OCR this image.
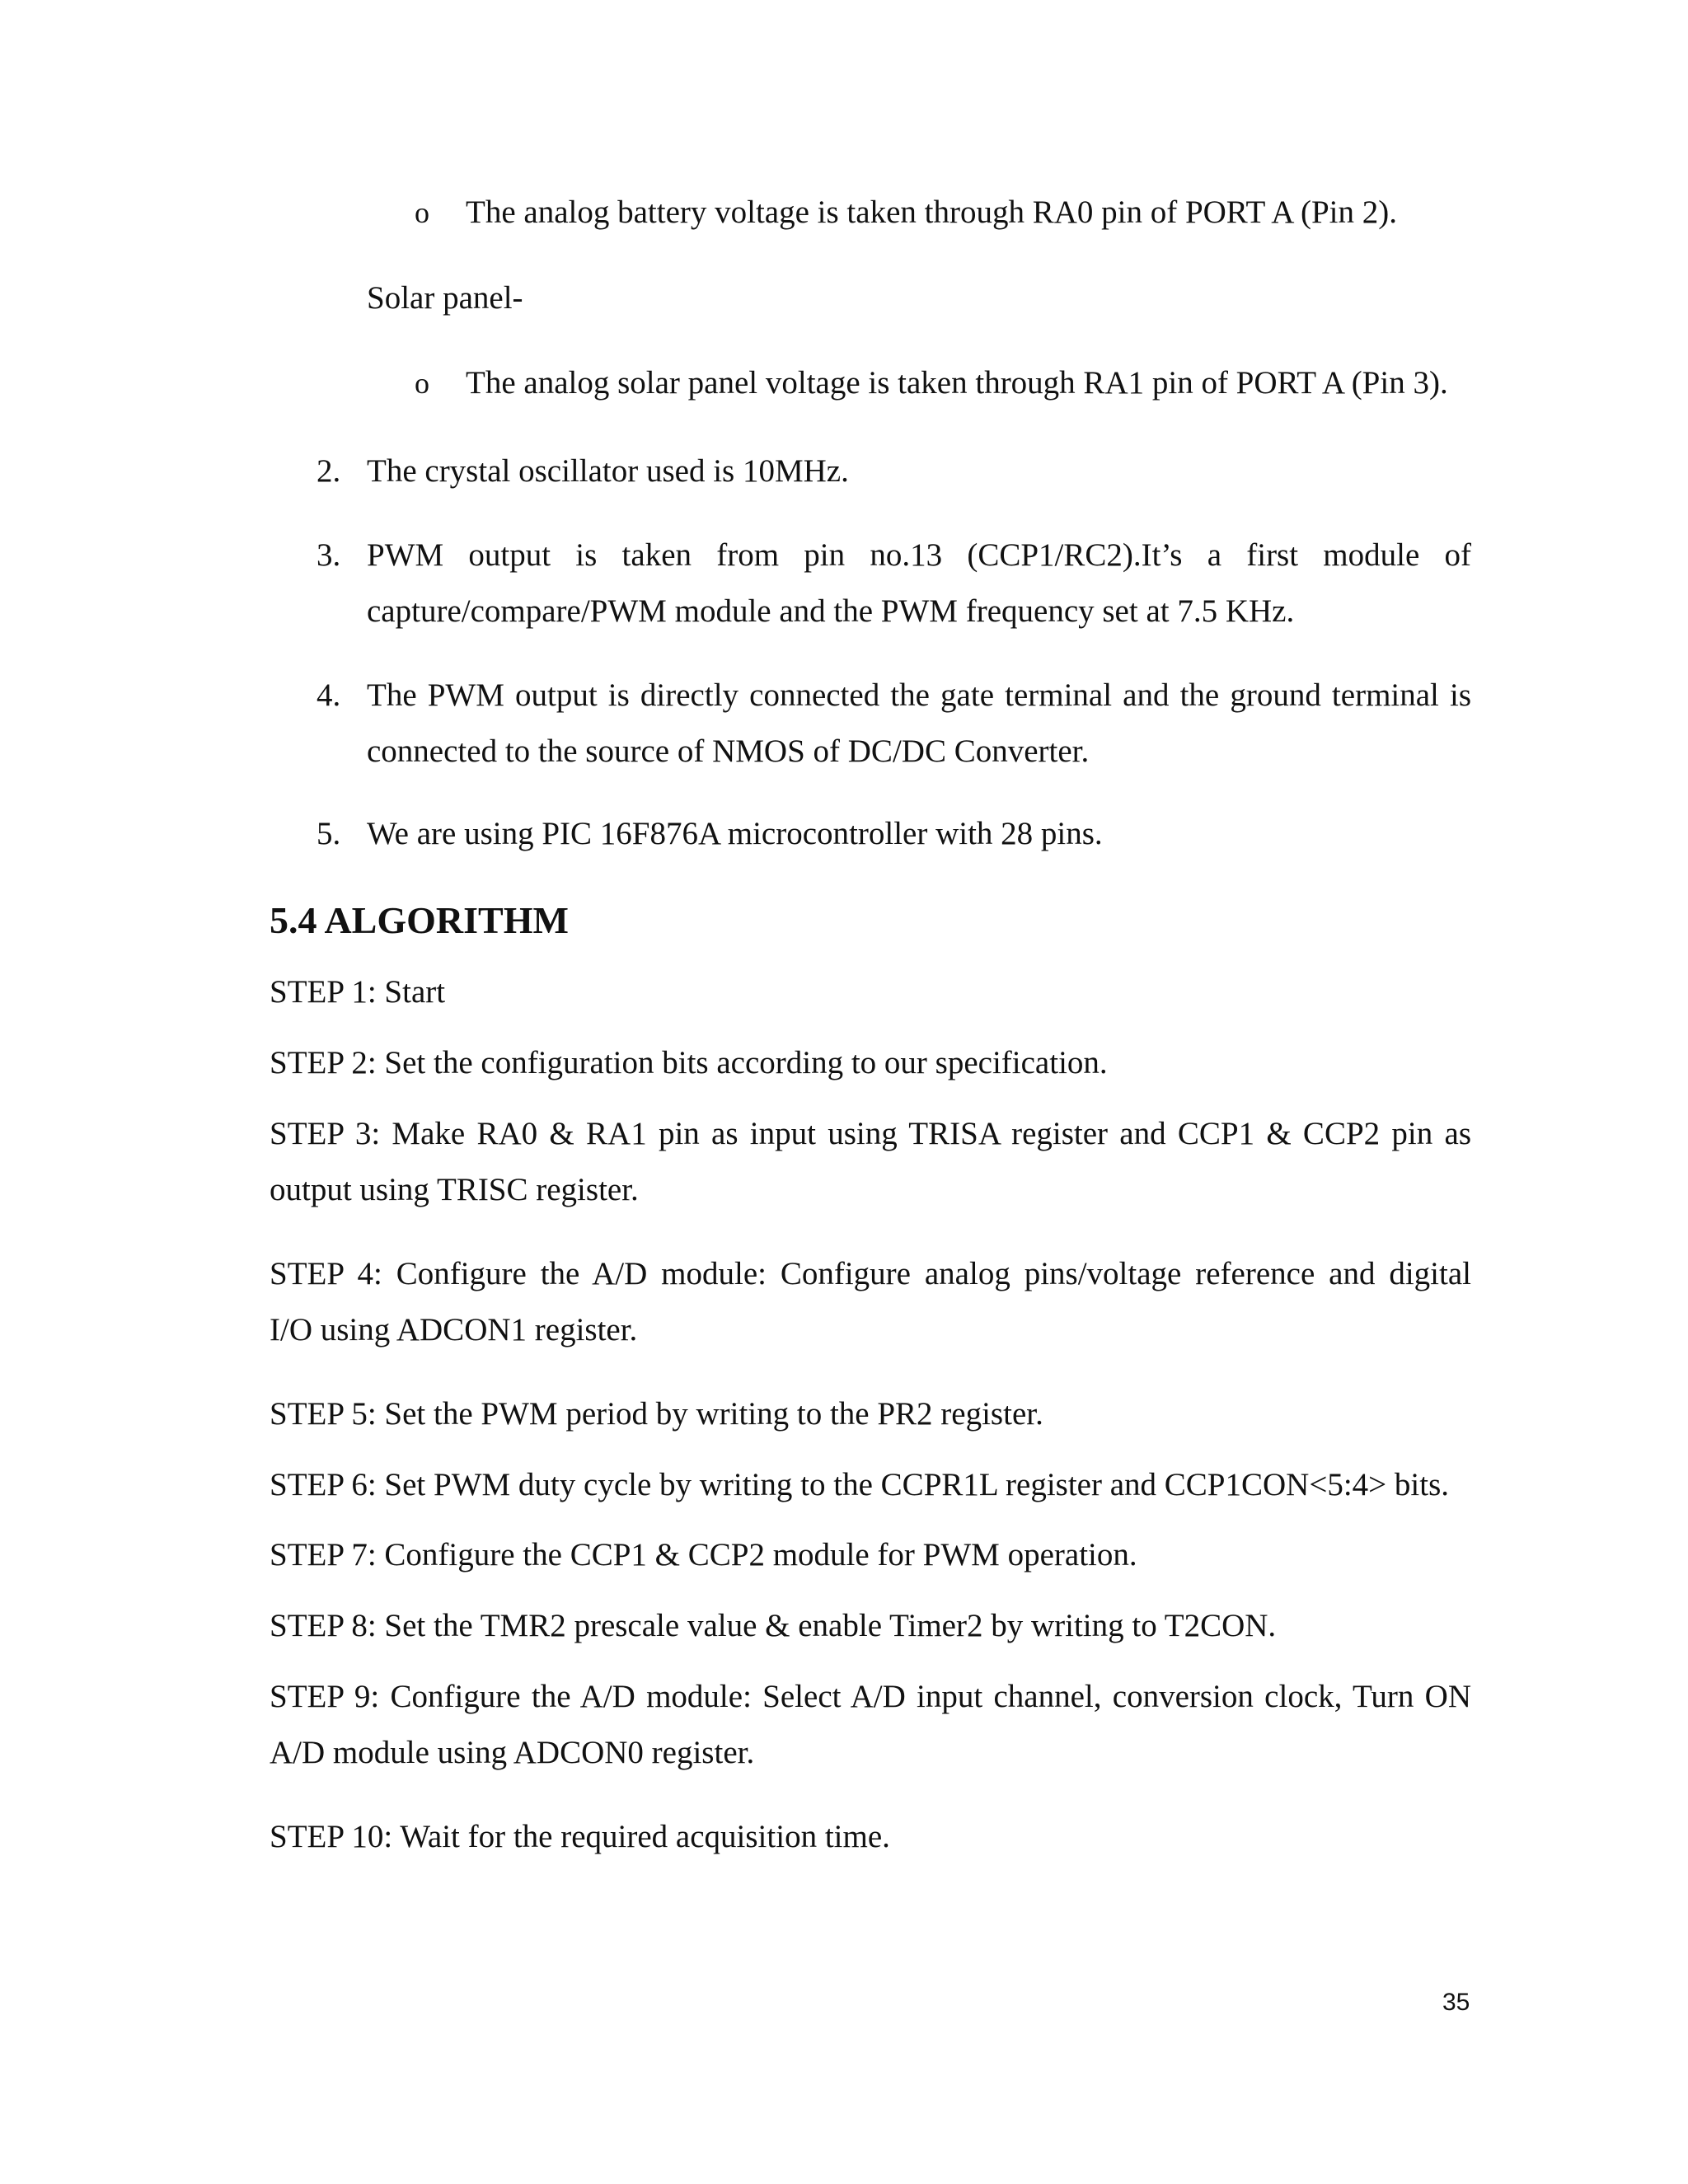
o The analog battery voltage is taken through RA0 pin of PORT A (Pin 2).
Solar panel-
o The analog solar panel voltage is taken through RA1 pin of PORT A (Pin 3).
2. The crystal oscillator used is 10MHz.
3. PWM output is taken from pin no.13 (CCP1/RC2).It’s a first module of
capture/compare/PWM module and the PWM frequency set at 7.5 KHz.
4. The PWM output is directly connected the gate terminal and the ground terminal is
connected to the source of NMOS of DC/DC Converter.
5. We are using PIC 16F876A microcontroller with 28 pins.
5.4 ALGORITHM
STEP 1: Start
STEP 2: Set the configuration bits according to our specification.
STEP 3: Make RA0 & RA1 pin as input using TRISA register and CCP1 & CCP2 pin as
output using TRISC register.
STEP 4: Configure the A/D module: Configure analog pins/voltage reference and digital
I/O using ADCON1 register.
STEP 5: Set the PWM period by writing to the PR2 register.
STEP 6: Set PWM duty cycle by writing to the CCPR1L register and CCP1CON<5:4> bits.
STEP 7: Configure the CCP1 & CCP2 module for PWM operation.
STEP 8: Set the TMR2 prescale value & enable Timer2 by writing to T2CON.
STEP 9: Configure the A/D module: Select A/D input channel, conversion clock, Turn ON
A/D module using ADCON0 register.
STEP 10: Wait for the required acquisition time.
35
